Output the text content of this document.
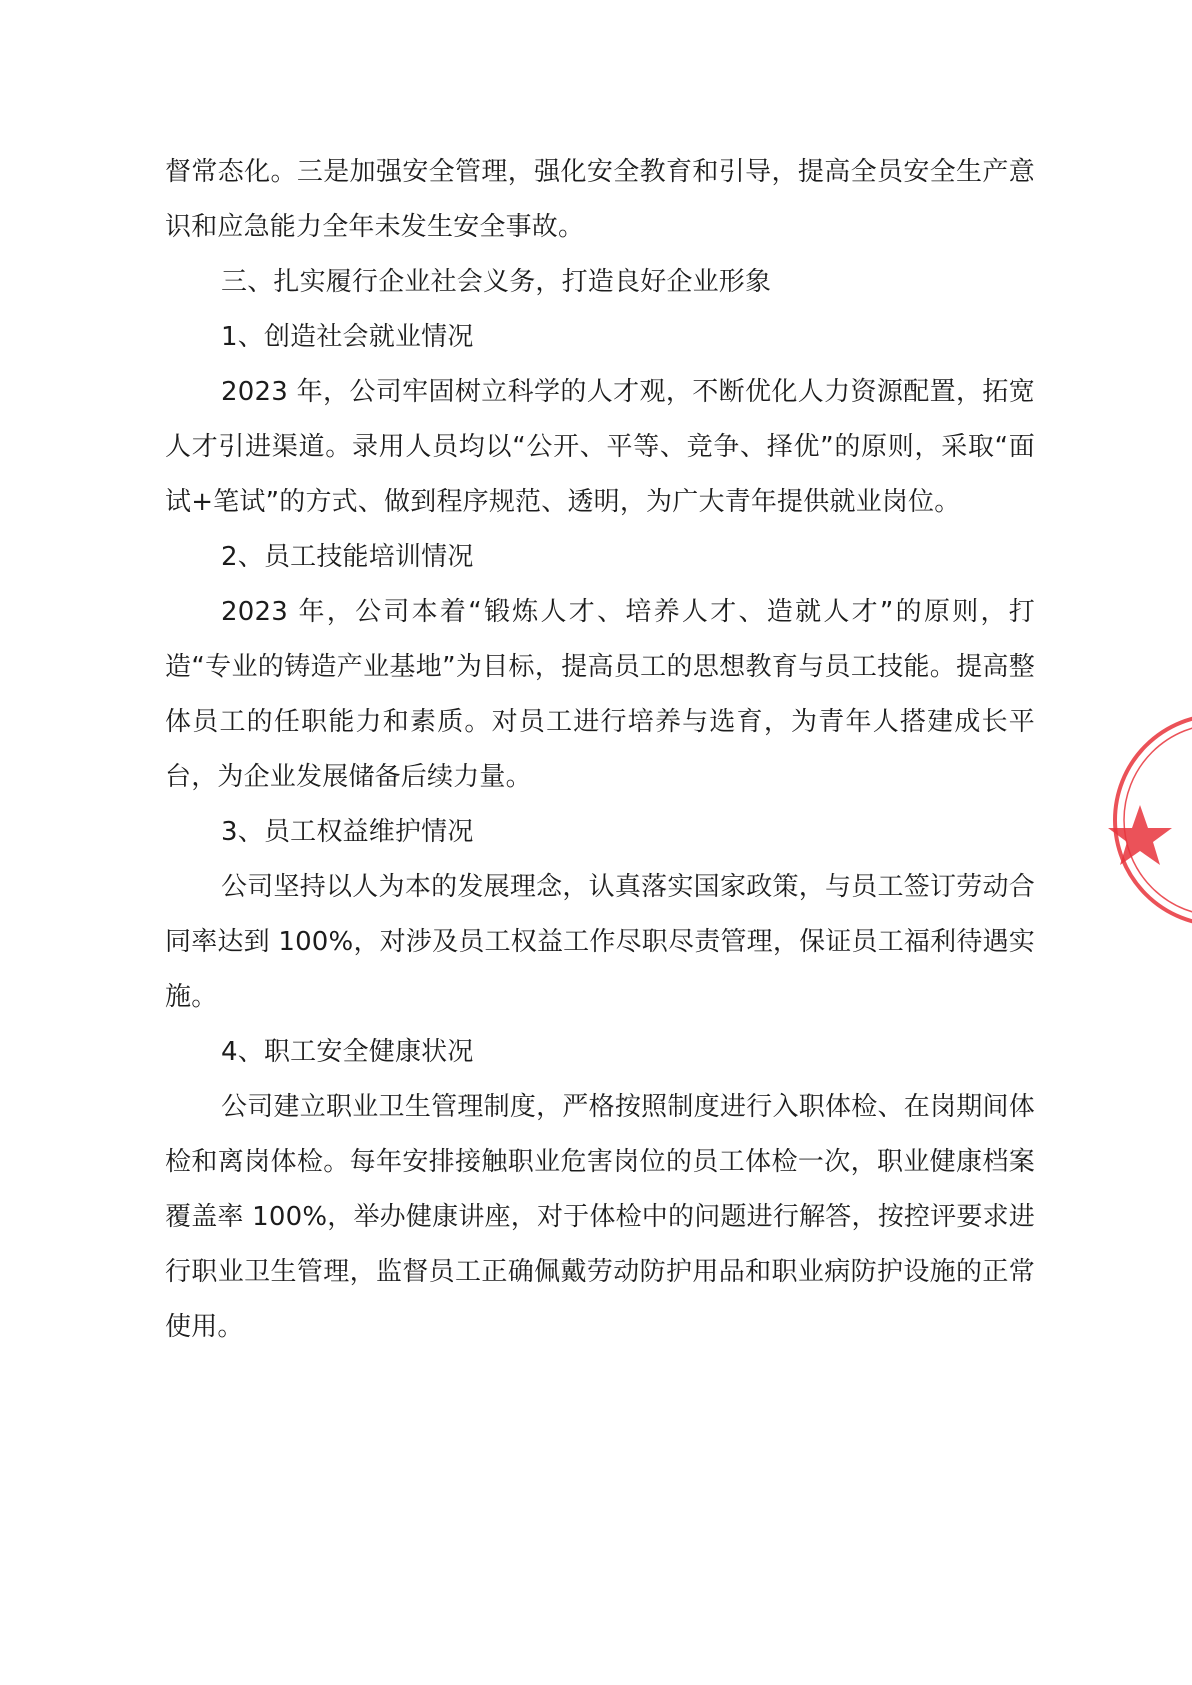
督常态化。三是加强安全管理，强化安全教育和引导，提高全员安全生产意识和应急能力全年未发生安全事故。

三、扎实履行企业社会义务，打造良好企业形象

1、创造社会就业情况

2023 年，公司牢固树立科学的人才观，不断优化人力资源配置，拓宽人才引进渠道。录用人员均以“公开、平等、竞争、择优”的原则，采取“面试+笔试”的方式、做到程序规范、透明，为广大青年提供就业岗位。

2、员工技能培训情况

2023 年，公司本着“锻炼人才、培养人才、造就人才”的原则，打造“专业的铸造产业基地”为目标，提高员工的思想教育与员工技能。提高整体员工的任职能力和素质。对员工进行培养与选育，为青年人搭建成长平台，为企业发展储备后续力量。

3、员工权益维护情况

公司坚持以人为本的发展理念，认真落实国家政策，与员工签订劳动合同率达到 100%，对涉及员工权益工作尽职尽责管理，保证员工福利待遇实施。

4、职工安全健康状况

公司建立职业卫生管理制度，严格按照制度进行入职体检、在岗期间体检和离岗体检。每年安排接触职业危害岗位的员工体检一次，职业健康档案覆盖率 100%，举办健康讲座，对于体检中的问题进行解答，按控评要求进行职业卫生管理，监督员工正确佩戴劳动防护用品和职业病防护设施的正常使用。
